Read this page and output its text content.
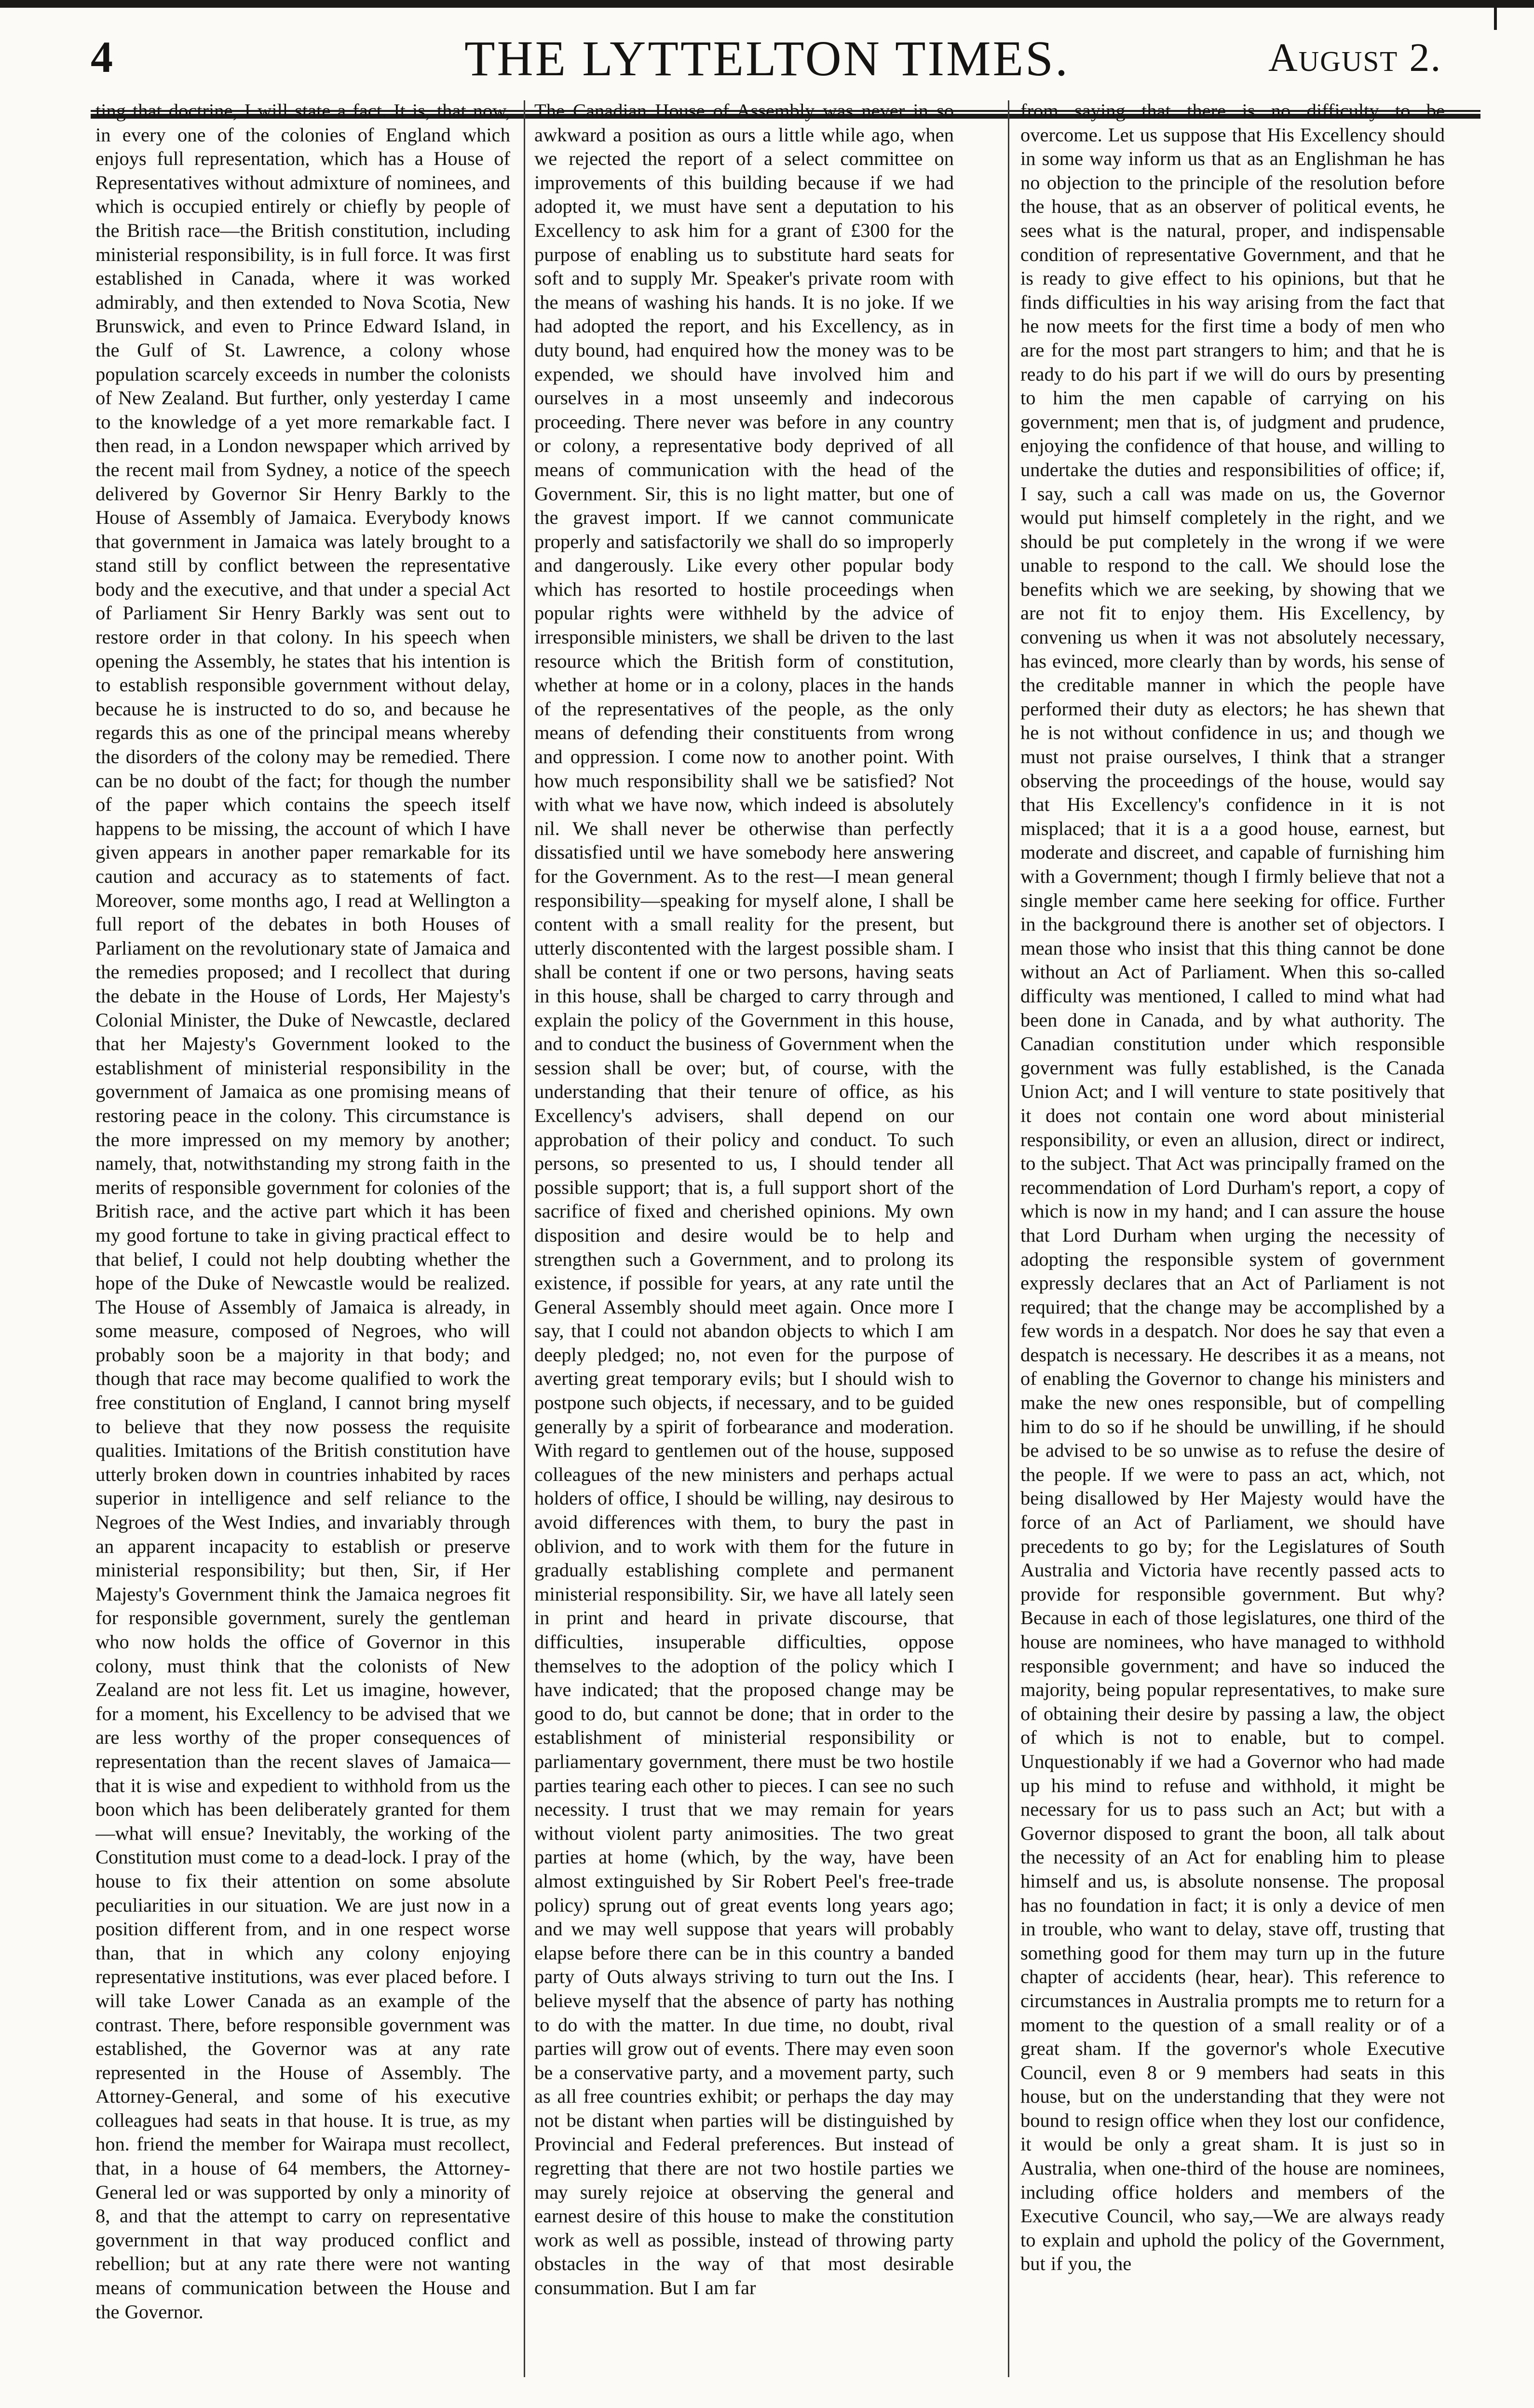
4	THE LYTTELTON TIMES.	August 2.

ting that doctrine, I will state a fact. It is, that now, in every one of the colonies of England which enjoys full representation, which has a House of Representatives without admixture of nominees, and which is occupied entirely or chiefly by people of the British race—the British constitution, including ministerial responsibility, is in full force. It was first established in Canada, where it was worked admirably, and then extended to Nova Scotia, New Brunswick, and even to Prince Edward Island, in the Gulf of St. Lawrence, a colony whose population scarcely exceeds in number the colonists of New Zealand. But further, only yesterday I came to the knowledge of a yet more remarkable fact. I then read, in a London newspaper which arrived by the recent mail from Sydney, a notice of the speech delivered by Governor Sir Henry Barkly to the House of Assembly of Jamaica. Everybody knows that government in Jamaica was lately brought to a stand still by conflict between the representative body and the executive, and that under a special Act of Parliament Sir Henry Barkly was sent out to restore order in that colony. In his speech when opening the Assembly, he states that his intention is to establish responsible government without delay, because he is instructed to do so, and because he regards this as one of the principal means whereby the disorders of the colony may be remedied. There can be no doubt of the fact; for though the number of the paper which contains the speech itself happens to be missing, the account of which I have given appears in another paper remarkable for its caution and accuracy as to statements of fact. Moreover, some months ago, I read at Wellington a full report of the debates in both Houses of Parliament on the revolutionary state of Jamaica and the remedies proposed; and I recollect that during the debate in the House of Lords, Her Majesty's Colonial Minister, the Duke of Newcastle, declared that her Majesty's Government looked to the establishment of ministerial responsibility in the government of Jamaica as one promising means of restoring peace in the colony. This circumstance is the more impressed on my memory by another; namely, that, notwithstanding my strong faith in the merits of responsible government for colonies of the British race, and the active part which it has been my good fortune to take in giving practical effect to that belief, I could not help doubting whether the hope of the Duke of Newcastle would be realized. The House of Assembly of Jamaica is already, in some measure, composed of Negroes, who will probably soon be a majority in that body; and though that race may become qualified to work the free constitution of England, I cannot bring myself to believe that they now possess the requisite qualities. Imitations of the British constitution have utterly broken down in countries inhabited by races superior in intelligence and self reliance to the Negroes of the West Indies, and invariably through an apparent incapacity to establish or preserve ministerial responsibility; but then, Sir, if Her Majesty's Government think the Jamaica negroes fit for responsible government, surely the gentleman who now holds the office of Governor in this colony, must think that the colonists of New Zealand are not less fit. Let us imagine, however, for a moment, his Excellency to be advised that we are less worthy of the proper consequences of representation than the recent slaves of Jamaica—that it is wise and expedient to withhold from us the boon which has been deliberately granted for them—what will ensue? Inevitably, the working of the Constitution must come to a dead-lock. I pray of the house to fix their attention on some absolute peculiarities in our situation. We are just now in a position different from, and in one respect worse than, that in which any colony enjoying representative institutions, was ever placed before. I will take Lower Canada as an example of the contrast. There, before responsible government was established, the Governor was at any rate represented in the House of Assembly. The Attorney-General, and some of his executive colleagues had seats in that house. It is true, as my hon. friend the member for Wairapa must recollect, that, in a house of 64 members, the Attorney-General led or was supported by only a minority of 8, and that the attempt to carry on representative government in that way produced conflict and rebellion; but at any rate there were not wanting means of communication between the House and the Governor.

The Canadian House of Assembly was never in so awkward a position as ours a little while ago, when we rejected the report of a select committee on improvements of this building because if we had adopted it, we must have sent a deputation to his Excellency to ask him for a grant of £300 for the purpose of enabling us to substitute hard seats for soft and to supply Mr. Speaker's private room with the means of washing his hands. It is no joke. If we had adopted the report, and his Excellency, as in duty bound, had enquired how the money was to be expended, we should have involved him and ourselves in a most unseemly and indecorous proceeding. There never was before in any country or colony, a representative body deprived of all means of communication with the head of the Government. Sir, this is no light matter, but one of the gravest import. If we cannot communicate properly and satisfactorily we shall do so improperly and dangerously. Like every other popular body which has resorted to hostile proceedings when popular rights were withheld by the advice of irresponsible ministers, we shall be driven to the last resource which the British form of constitution, whether at home or in a colony, places in the hands of the representatives of the people, as the only means of defending their constituents from wrong and oppression. I come now to another point. With how much responsibility shall we be satisfied? Not with what we have now, which indeed is absolutely nil. We shall never be otherwise than perfectly dissatisfied until we have somebody here answering for the Government. As to the rest—I mean general responsibility—speaking for myself alone, I shall be content with a small reality for the present, but utterly discontented with the largest possible sham. I shall be content if one or two persons, having seats in this house, shall be charged to carry through and explain the policy of the Government in this house, and to conduct the business of Government when the session shall be over; but, of course, with the understanding that their tenure of office, as his Excellency's advisers, shall depend on our approbation of their policy and conduct. To such persons, so presented to us, I should tender all possible support; that is, a full support short of the sacrifice of fixed and cherished opinions. My own disposition and desire would be to help and strengthen such a Government, and to prolong its existence, if possible for years, at any rate until the General Assembly should meet again. Once more I say, that I could not abandon objects to which I am deeply pledged; no, not even for the purpose of averting great temporary evils; but I should wish to postpone such objects, if necessary, and to be guided generally by a spirit of forbearance and moderation. With regard to gentlemen out of the house, supposed colleagues of the new ministers and perhaps actual holders of office, I should be willing, nay desirous to avoid differences with them, to bury the past in oblivion, and to work with them for the future in gradually establishing complete and permanent ministerial responsibility. Sir, we have all lately seen in print and heard in private discourse, that difficulties, insuperable difficulties, oppose themselves to the adoption of the policy which I have indicated; that the proposed change may be good to do, but cannot be done; that in order to the establishment of ministerial responsibility or parliamentary government, there must be two hostile parties tearing each other to pieces. I can see no such necessity. I trust that we may remain for years without violent party animosities. The two great parties at home (which, by the way, have been almost extinguished by Sir Robert Peel's free-trade policy) sprung out of great events long years ago; and we may well suppose that years will probably elapse before there can be in this country a banded party of Outs always striving to turn out the Ins. I believe myself that the absence of party has nothing to do with the matter. In due time, no doubt, rival parties will grow out of events. There may even soon be a conservative party, and a movement party, such as all free countries exhibit; or perhaps the day may not be distant when parties will be distinguished by Provincial and Federal preferences. But instead of regretting that there are not two hostile parties we may surely rejoice at observing the general and earnest desire of this house to make the constitution work as well as possible, instead of throwing party obstacles in the way of that most desirable consummation. But I am far

from saying that there is no difficulty to be overcome. Let us suppose that His Excellency should in some way inform us that as an Englishman he has no objection to the principle of the resolution before the house, that as an observer of political events, he sees what is the natural, proper, and indispensable condition of representative Government, and that he is ready to give effect to his opinions, but that he finds difficulties in his way arising from the fact that he now meets for the first time a body of men who are for the most part strangers to him; and that he is ready to do his part if we will do ours by presenting to him the men capable of carrying on his government; men that is, of judgment and prudence, enjoying the confidence of that house, and willing to undertake the duties and responsibilities of office; if, I say, such a call was made on us, the Governor would put himself completely in the right, and we should be put completely in the wrong if we were unable to respond to the call. We should lose the benefits which we are seeking, by showing that we are not fit to enjoy them. His Excellency, by convening us when it was not absolutely necessary, has evinced, more clearly than by words, his sense of the creditable manner in which the people have performed their duty as electors; he has shewn that he is not without confidence in us; and though we must not praise ourselves, I think that a stranger observing the proceedings of the house, would say that His Excellency's confidence in it is not misplaced; that it is a a good house, earnest, but moderate and discreet, and capable of furnishing him with a Government; though I firmly believe that not a single member came here seeking for office. Further in the background there is another set of objectors. I mean those who insist that this thing cannot be done without an Act of Parliament. When this so-called difficulty was mentioned, I called to mind what had been done in Canada, and by what authority. The Canadian constitution under which responsible government was fully established, is the Canada Union Act; and I will venture to state positively that it does not contain one word about ministerial responsibility, or even an allusion, direct or indirect, to the subject. That Act was principally framed on the recommendation of Lord Durham's report, a copy of which is now in my hand; and I can assure the house that Lord Durham when urging the necessity of adopting the responsible system of government expressly declares that an Act of Parliament is not required; that the change may be accomplished by a few words in a despatch. Nor does he say that even a despatch is necessary. He describes it as a means, not of enabling the Governor to change his ministers and make the new ones responsible, but of compelling him to do so if he should be unwilling, if he should be advised to be so unwise as to refuse the desire of the people. If we were to pass an act, which, not being disallowed by Her Majesty would have the force of an Act of Parliament, we should have precedents to go by; for the Legislatures of South Australia and Victoria have recently passed acts to provide for responsible government. But why? Because in each of those legislatures, one third of the house are nominees, who have managed to withhold responsible government; and have so induced the majority, being popular representatives, to make sure of obtaining their desire by passing a law, the object of which is not to enable, but to compel. Unquestionably if we had a Governor who had made up his mind to refuse and withhold, it might be necessary for us to pass such an Act; but with a Governor disposed to grant the boon, all talk about the necessity of an Act for enabling him to please himself and us, is absolute nonsense. The proposal has no foundation in fact; it is only a device of men in trouble, who want to delay, stave off, trusting that something good for them may turn up in the future chapter of accidents (hear, hear). This reference to circumstances in Australia prompts me to return for a moment to the question of a small reality or of a great sham. If the governor's whole Executive Council, even 8 or 9 members had seats in this house, but on the understanding that they were not bound to resign office when they lost our confidence, it would be only a great sham. It is just so in Australia, when one-third of the house are nominees, including office holders and members of the Executive Council, who say,—We are always ready to explain and uphold the policy of the Government, but if you, the
